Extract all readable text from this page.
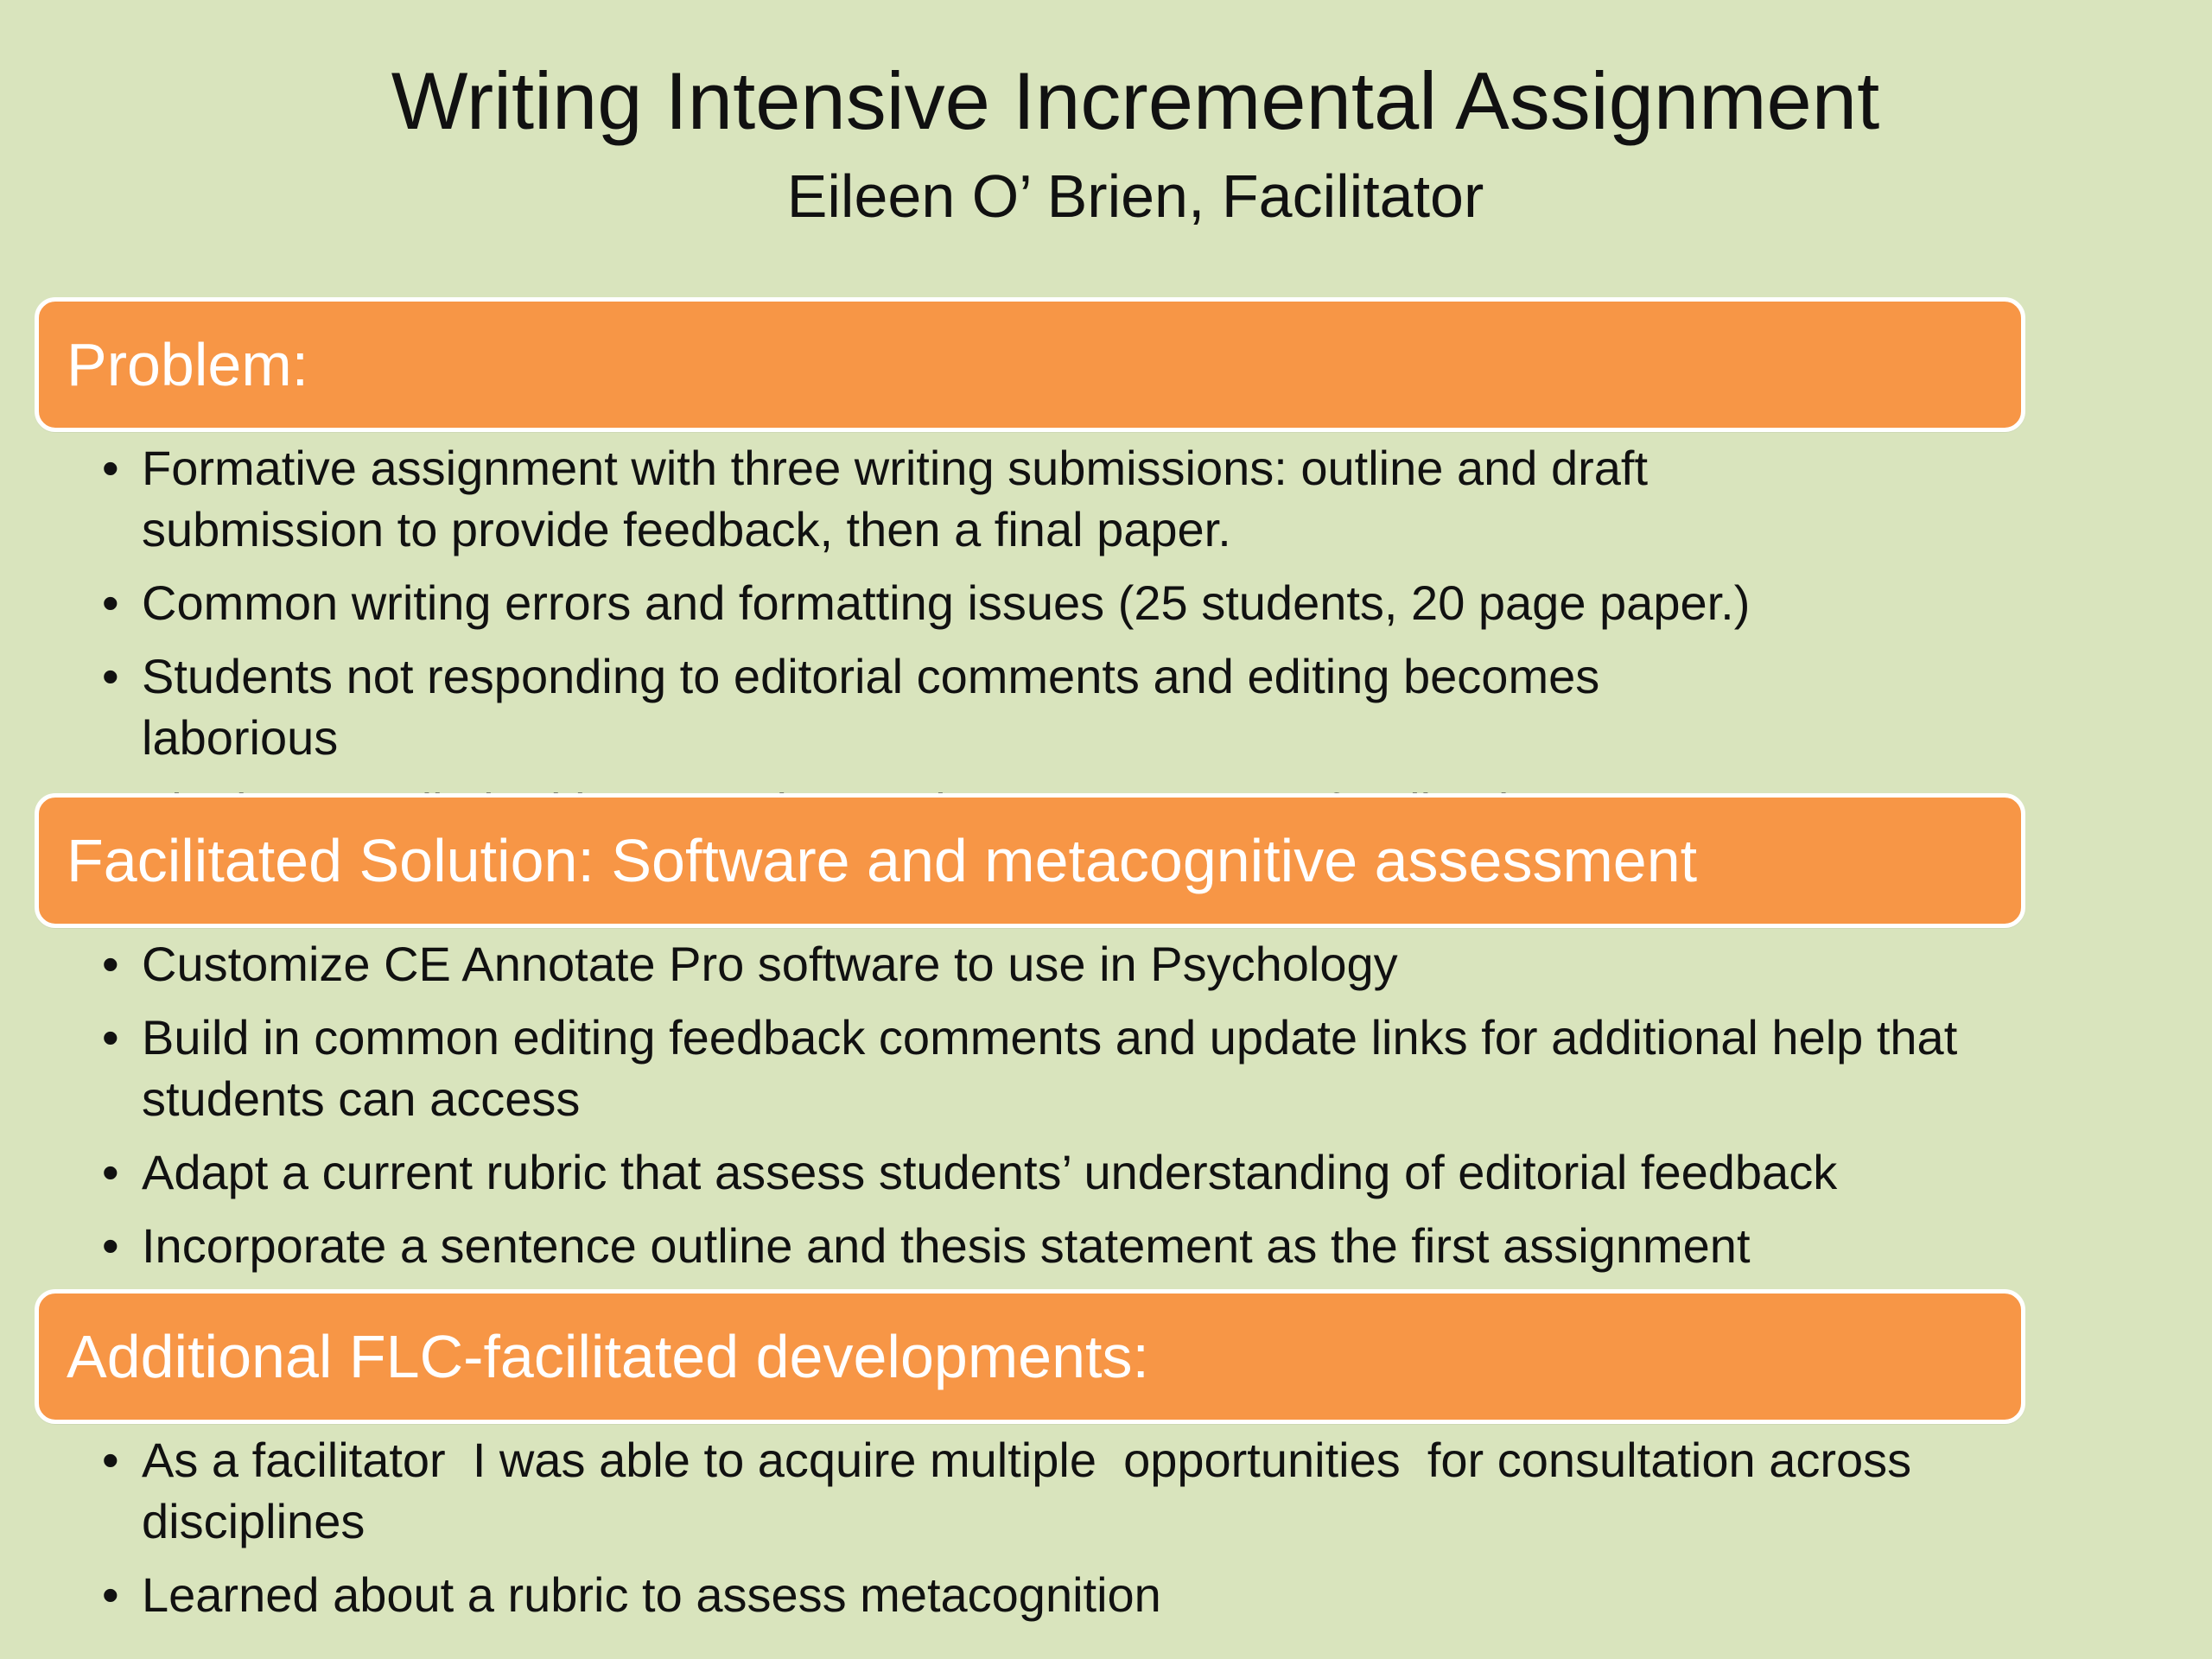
Writing Intensive Incremental Assignment
Eileen O’ Brien, Facilitator
Problem:
• Formative assignment with three writing submissions: outline and draft submission to provide feedback, then a final paper.
• Common writing errors and formatting issues (25 students, 20 page paper.)
• Students not responding to editorial comments and editing becomes laborious
Facilitated Solution: Software and metacognitive assessment
• Customize CE Annotate Pro software to use in Psychology
• Build in common editing feedback comments and update links for additional help that students can access
• Adapt a current rubric that assess students’ understanding of editorial feedback
• Incorporate a sentence outline and thesis statement as the first assignment
Additional FLC-facilitated developments:
• As a facilitator  I was able to acquire multiple  opportunities  for consultation across disciplines
• Learned about a rubric to assess metacognition
